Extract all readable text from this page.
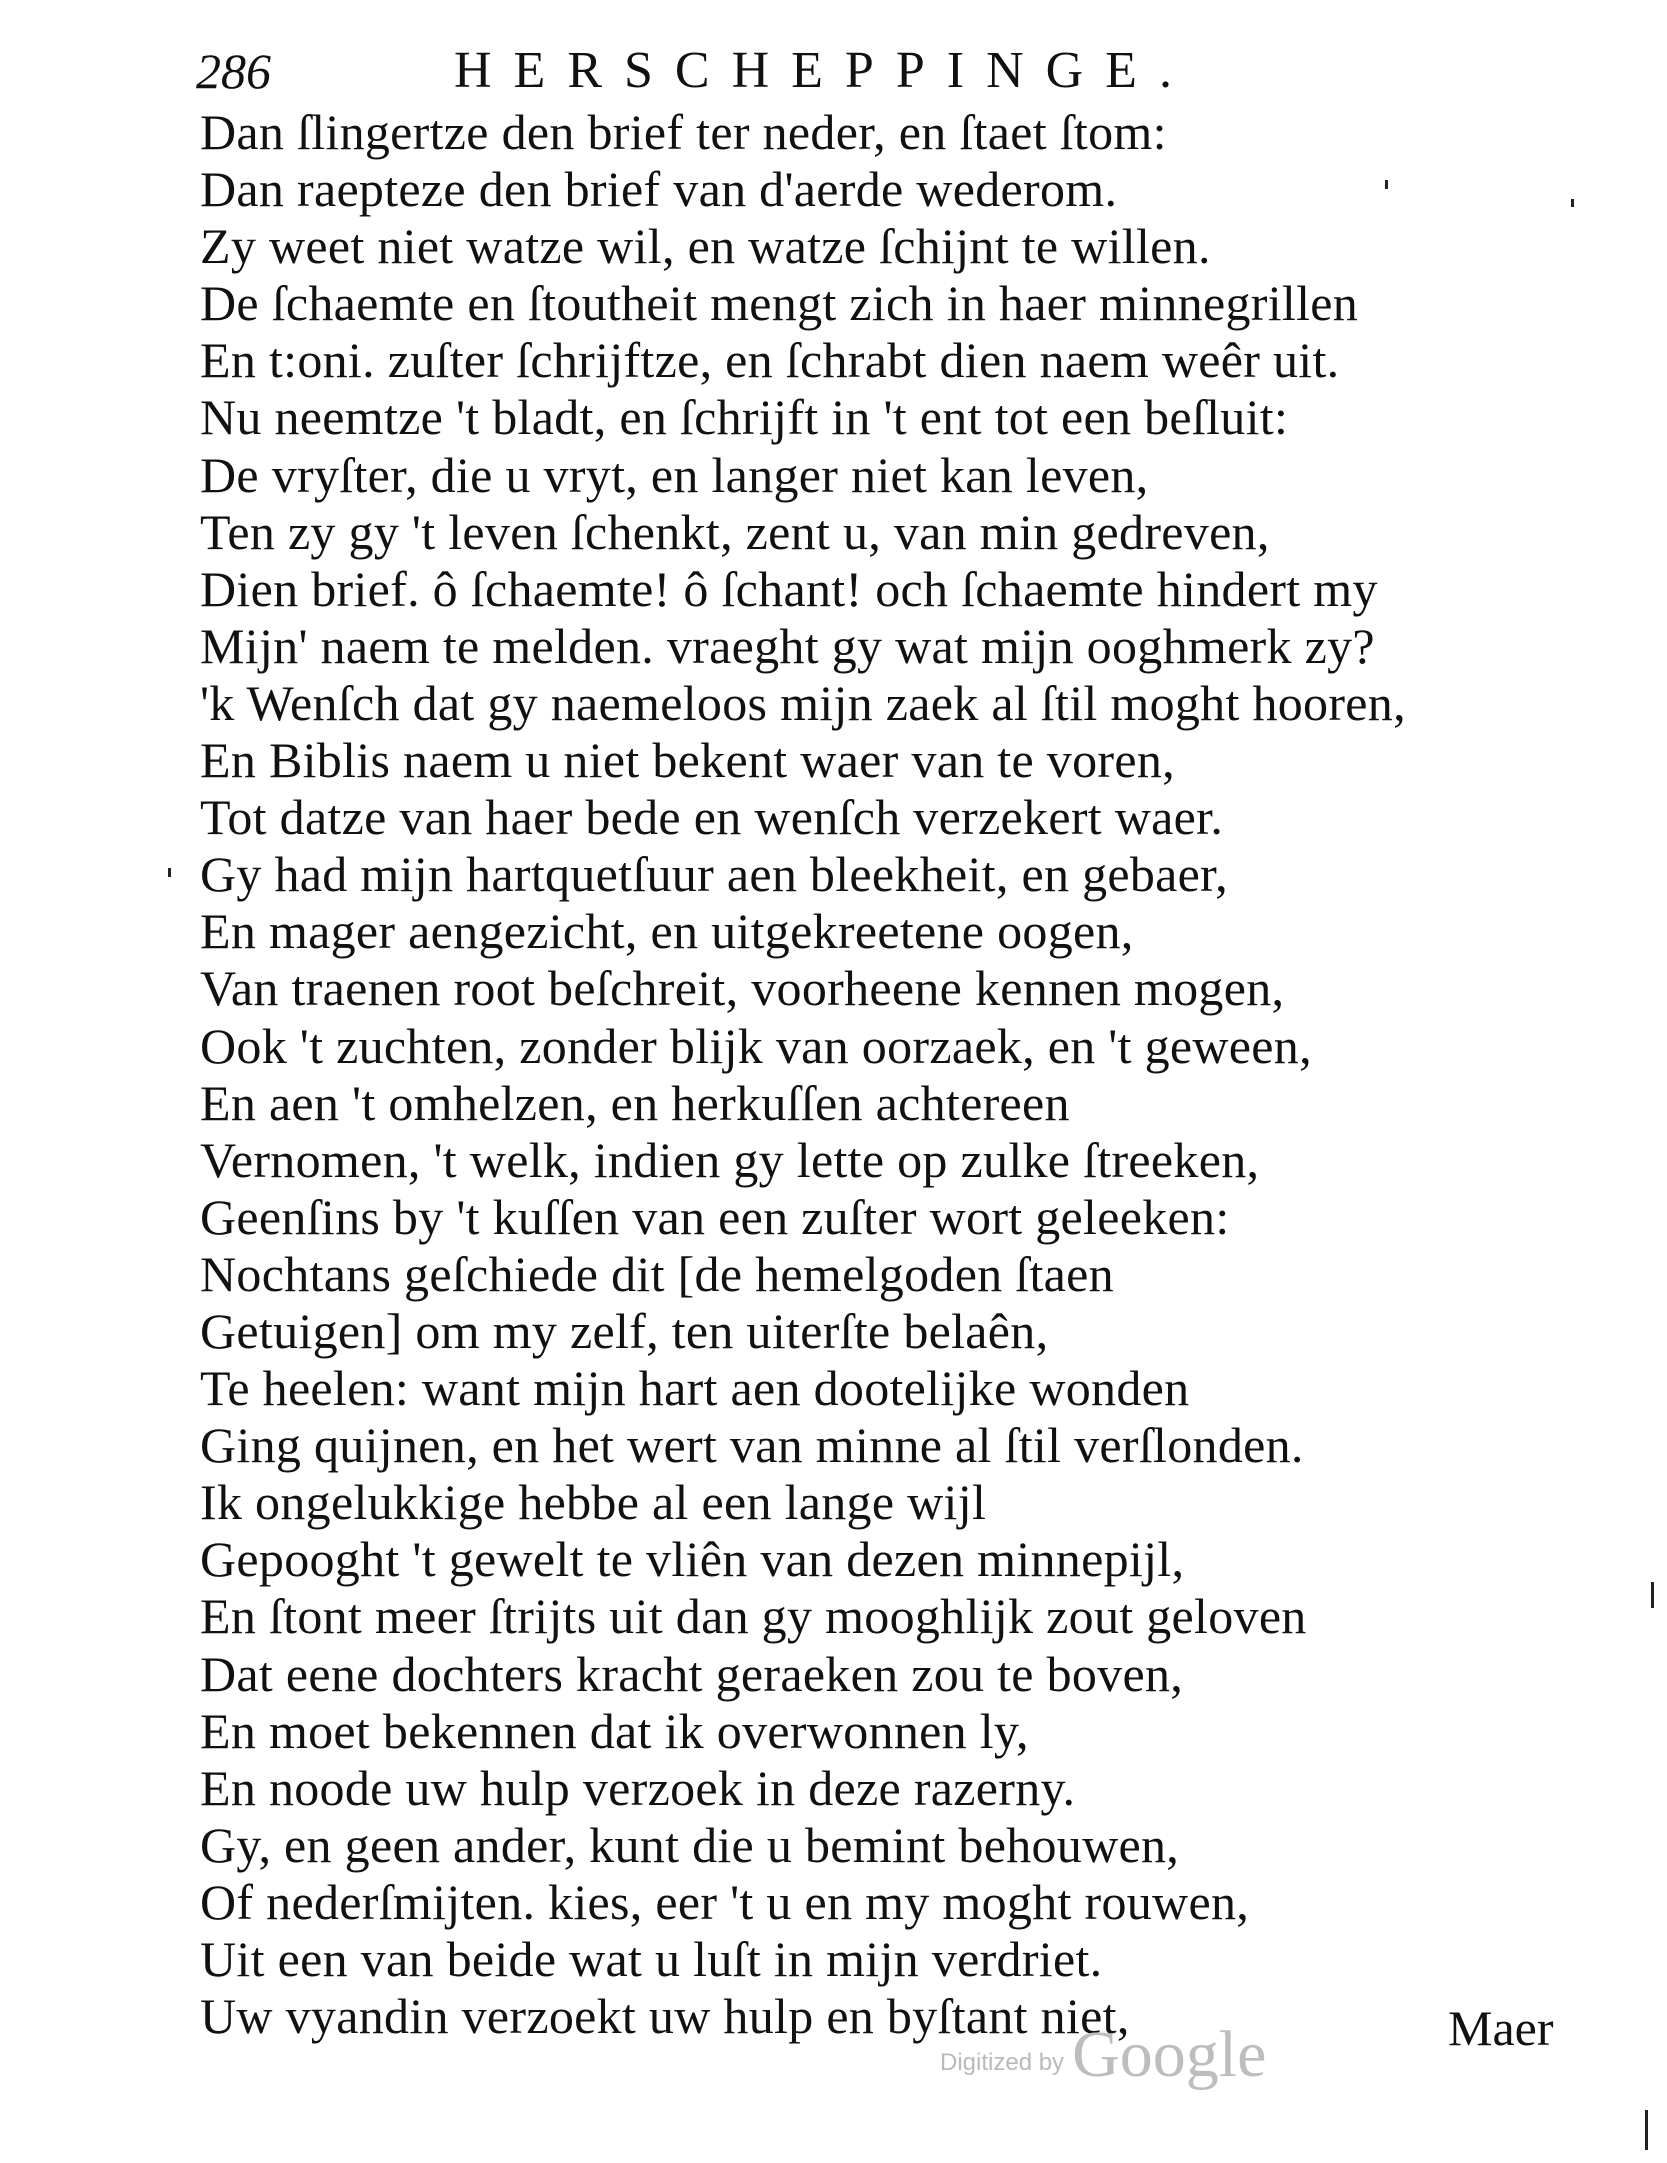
286	HERSCHEPPINGE.
Dan ſlingertze den brief ter neder, en ſtaet ſtom:
Dan raepteze den brief van d'aerde wederom.
Zy weet niet watze wil, en watze ſchijnt te willen.
De ſchaemte en ſtoutheit mengt zich in haer minnegrillen
En t:oni. zuſter ſchrijftze, en ſchrabt dien naem weêr uit.
Nu neemtze 't bladt, en ſchrijft in 't ent tot een beſluit:
De vryſter, die u vryt, en langer niet kan leven,
Ten zy gy 't leven ſchenkt, zent u, van min gedreven,
Dien brief. ô ſchaemte! ô ſchant! och ſchaemte hindert my
Mijn' naem te melden. vraeght gy wat mijn ooghmerk zy?
'k Wenſch dat gy naemeloos mijn zaek al ſtil moght hooren,
En Biblis naem u niet bekent waer van te voren,
Tot datze van haer bede en wenſch verzekert waer.
Gy had mijn hartquetſuur aen bleekheit, en gebaer,
En mager aengezicht, en uitgekreetene oogen,
Van traenen root beſchreit, voorheene kennen mogen,
Ook 't zuchten, zonder blijk van oorzaek, en 't geween,
En aen 't omhelzen, en herkuſſen achtereen
Vernomen, 't welk, indien gy lette op zulke ſtreeken,
Geenſins by 't kuſſen van een zuſter wort geleeken:
Nochtans geſchiede dit [de hemelgoden ſtaen
Getuigen] om my zelf, ten uiterſte belaên,
Te heelen: want mijn hart aen dootelijke wonden
Ging quijnen, en het wert van minne al ſtil verſlonden.
Ik ongelukkige hebbe al een lange wijl
Gepooght 't gewelt te vliên van dezen minnepijl,
En ſtont meer ſtrijts uit dan gy mooghlijk zout geloven
Dat eene dochters kracht geraeken zou te boven,
En moet bekennen dat ik overwonnen ly,
En noode uw hulp verzoek in deze razerny.
Gy, en geen ander, kunt die u bemint behouwen,
Of nederſmijten. kies, eer 't u en my moght rouwen,
Uit een van beide wat u luſt in mijn verdriet.
Uw vyandin verzoekt uw hulp en byſtant niet,
Digitized by Google	Maer
